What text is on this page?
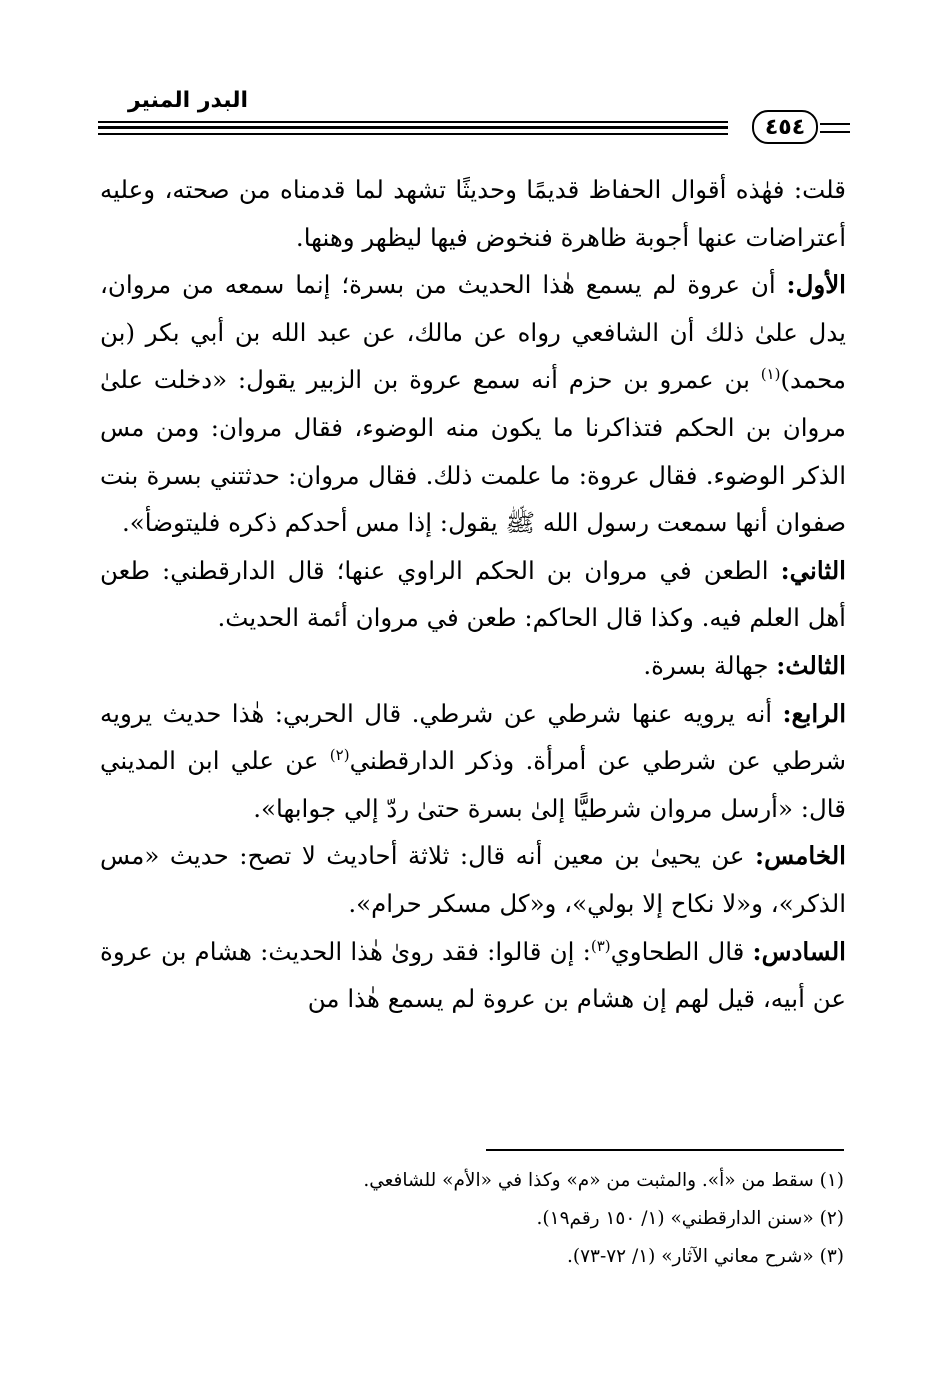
البدر المنير
٤٥٤

قلت: فهٰذه أقوال الحفاظ قديمًا وحديثًا تشهد لما قدمناه من صحته، وعليه أعتراضات عنها أجوبة ظاهرة فنخوض فيها ليظهر وهنها.

الأول: أن عروة لم يسمع هٰذا الحديث من بسرة؛ إنما سمعه من مروان، يدل علىٰ ذلك أن الشافعي رواه عن مالك، عن عبد الله بن أبي بكر (بن محمد)$^{(١)}$ بن عمرو بن حزم أنه سمع عروة بن الزبير يقول: «دخلت علىٰ مروان بن الحكم فتذاكرنا ما يكون منه الوضوء، فقال مروان: ومن مس الذكر الوضوء. فقال عروة: ما علمت ذلك. فقال مروان: حدثتني بسرة بنت صفوان أنها سمعت رسول الله ﷺ يقول: إذا مس أحدكم ذكره فليتوضأ».

الثاني: الطعن في مروان بن الحكم الراوي عنها؛ قال الدارقطني: طعن أهل العلم فيه. وكذا قال الحاكم: طعن في مروان أئمة الحديث.

الثالث: جهالة بسرة.

الرابع: أنه يرويه عنها شرطي عن شرطي. قال الحربي: هٰذا حديث يرويه شرطي عن شرطي عن أمرأة. وذكر الدارقطني$^{(٢)}$ عن علي ابن المديني قال: «أرسل مروان شرطيًّا إلىٰ بسرة حتىٰ ردّ إلي جوابها».

الخامس: عن يحيىٰ بن معين أنه قال: ثلاثة أحاديث لا تصح: حديث «مس الذكر»، و«لا نكاح إلا بولي»، و«كل مسكر حرام».

السادس: قال الطحاوي$^{(٣)}$: إن قالوا: فقد روىٰ هٰذا الحديث: هشام بن عروة عن أبيه، قيل لهم إن هشام بن عروة لم يسمع هٰذا من

(١) سقط من «أ». والمثبت من «م» وكذا في «الأم» للشافعي.
(٢) «سنن الدارقطني» (١/ ١٥٠ رقم١٩).
(٣) «شرح معاني الآثار» (١/ ٧٢-٧٣).
